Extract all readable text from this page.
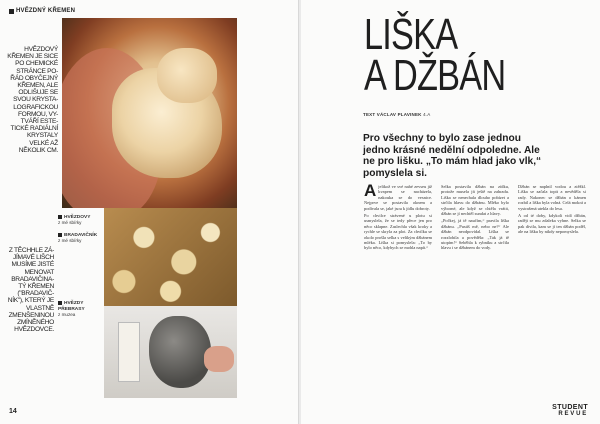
HVĚZDNÝ KŘEMEN
HVĚZDOVÝ KŘEMEN JE SICE PO CHEMICKÉ STRÁNCE PO-ŘÁD OBYČEJNÝ KŘEMEN, ALE ODLIŠUJE SE SVOU KRYSTA-LOGRAFICKOU FORMOU, VY-TVÁŘÍ ESTE-TICKÉ RADIÁLNÍ KRYSTALY VELKÉ AŽ NĚKOLIK CM.
HVĚZDOVY
z mé sbírky
BRADAVIČNÍK
z mé sbírky
Z TĚCHHLE ZÁ-JÍMAVÉ LIŠCH MUSÍME JISTÉ MENOVAT BRADAVIČINA-TÝ KŘEMEN ("BRADAVIČ-NÍK"), KTERÝ JE VLASTNĚ ZMENŠENINOU ZMÍNĚNÉHO HVĚZDOVCE.
HVĚZDY PŘEBRASY
z muzea
14
LIŠKA
A DŽBÁN
TEXT VÁCLAV PLAVINEK 4.A
Pro všechny to bylo zase jednou jedno krásné nedělní odpoledne. Ale ne pro lišku. „To mám hlad jako vlk,“ pomyslela si.
A jelikož ve své nahé zevseu již kvapem se nacházela, nakouka se do vesnice. Nejprve se postavila oknem a podívala se, jaké jsou k jídlu dobroty.

Po chvilce strávené u plotu si usmyslela, že se tedy přece jen pro něco sklapne. Zaslechla však kroky a rychle se skryla za plot. Za chvilku se okolo prošla selka s velikým džbánem mléka. Liška si pomyslela: „To by bylo něco, kdybych se mohla napít.“

Selka postavila džbán na zídku, protože musela jít ještě na zahradu. Liška se nenechala dlouho pobízet a strčila hlavu do džbánu. Mléko bylo výborné, ale když se chtěla vrátit, džbán se jí nechtěl sundat z hlavy.

„Počkej, já tě naučím,“ pravila liška džbánu. „Pustíš mě, nebo ne?“ Ale džbán neodpovídal. Liška se rozzlobila a pověděla: „Tak já tě utopím!“ Seběhla k rybníku a strčila hlavu i se džbánem do vody.

Džbán se naplnil vodou a ztěžkl. Liška se začala topit a nevěděla si rady. Nakonec se džbán o kámen rozbil a liška byla volná. Celá mokrá a vystrašená utekla do lesa.

A od té doby, kdykoli vidí džbán, raději se mu zdaleka vyhne. Selka se pak divila, kam se jí ten džbán poděl, ale na lišku by nikdy nepomyslela.

STUDENT
REVUE
